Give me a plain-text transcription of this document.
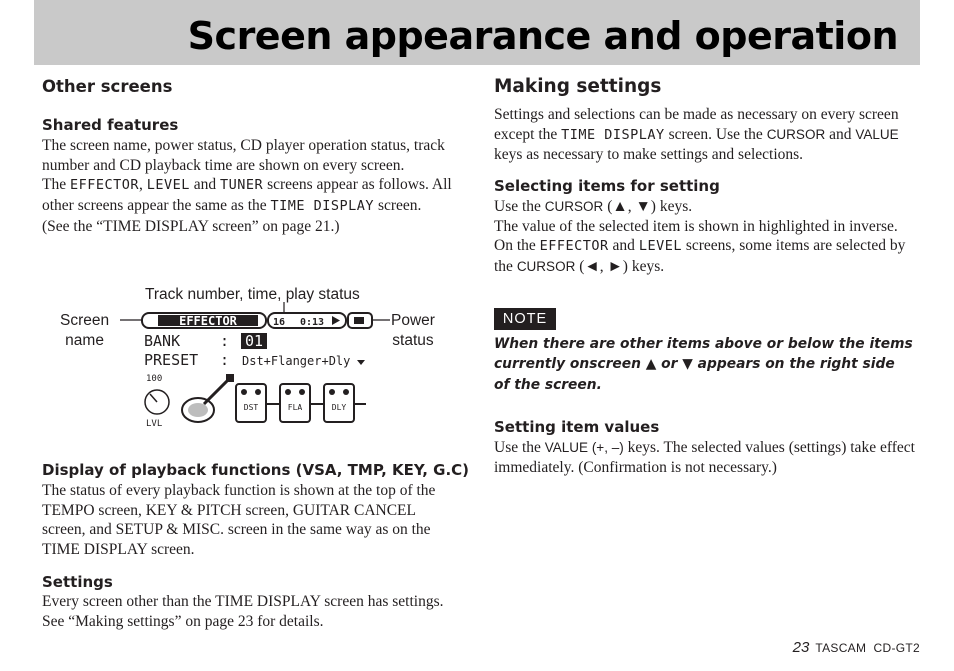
Screen appearance and operation
Other screens
Shared features
The screen name, power status, CD player operation status, track number and CD playback time are shown on every screen.
The EFFECTOR, LEVEL and TUNER screens appear as follows. All other screens appear the same as the TIME DISPLAY screen. (See the “TIME DISPLAY screen” on page 21.)
Track number, time, play status
Screen
name
Power
status
EFFECTOR	16 0:13
BANK	: 01
PRESET : Dst+Flanger+Dly
100
LVL
DST	FLA	DLY
Display of playback functions (VSA, TMP, KEY, G.C)
The status of every playback function is shown at the top of the TEMPO screen, KEY & PITCH screen, GUITAR CANCEL screen, and SETUP & MISC. screen in the same way as on the TIME DISPLAY screen.
Settings
Every screen other than the TIME DISPLAY screen has settings. See “Making settings” on page 23 for details.
Making settings
Settings and selections can be made as necessary on every screen except the TIME DISPLAY screen. Use the CURSOR and VALUE keys as necessary to make settings and selections.
Selecting items for setting
Use the CURSOR (▲, ▼) keys.
The value of the selected item is shown in highlighted in inverse.
On the EFFECTOR and LEVEL screens, some items are selected by the CURSOR (◄, ►) keys.
NOTE
When there are other items above or below the items currently onscreen ▲ or ▼ appears on the right side of the screen.
Setting item values
Use the VALUE (+, –) keys. The selected values (settings) take effect immediately. (Confirmation is not necessary.)
23 TASCAM  CD-GT2
